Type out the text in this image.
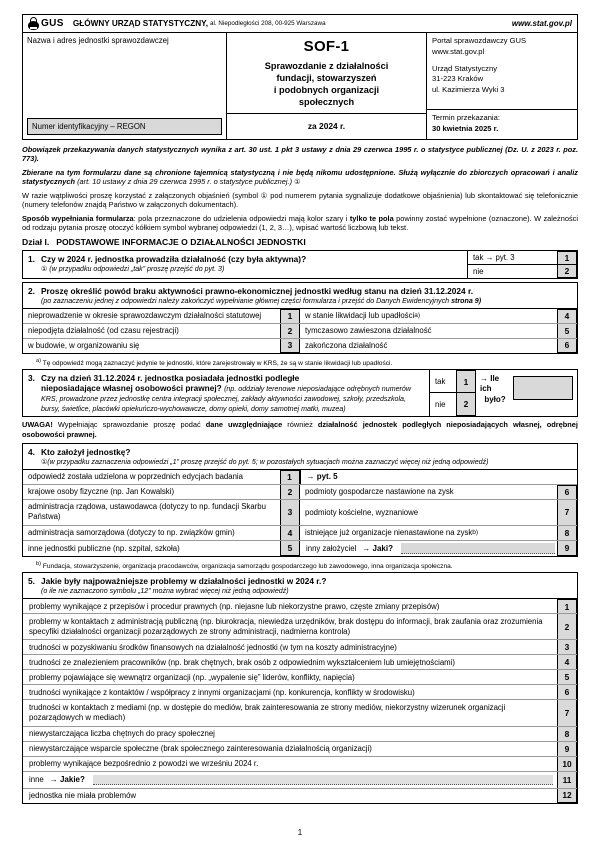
GUS GŁÓWNY URZĄD STATYSTYCZNY, al. Niepodległości 208, 00-925 Warszawa	www.stat.gov.pl
Nazwa i adres jednostki sprawozdawczej
Numer identyfikacyjny – REGON
SOF-1
Sprawozdanie z działalności
fundacji, stowarzyszeń
i podobnych organizacji
społecznych
za 2024 r.
Portal sprawozdawczy GUS
www.stat.gov.pl
Urząd Statystyczny
31-223 Kraków
ul. Kazimierza Wyki 3
Termin przekazania:
30 kwietnia 2025 r.

Obowiązek przekazywania danych statystycznych wynika z art. 30 ust. 1 pkt 3 ustawy z dnia 29 czerwca 1995 r. o statystyce publicznej (Dz. U. z 2023 r. poz. 773).

Zbierane na tym formularzu dane są chronione tajemnicą statystyczną i nie będą nikomu udostępnione. Służą wyłącznie do zbiorczych opracowań i analiz statystycznych (art. 10 ustawy z dnia 29 czerwca 1995 r. o statystyce publicznej.) ①

W razie wątpliwości proszę korzystać z załączonych objaśnień (symbol ① pod numerem pytania sygnalizuje dodatkowe objaśnienia) lub skontaktować się telefonicznie (numery telefonów znajdą Państwo w załączonych dokumentach).

Sposób wypełniania formularza: pola przeznaczone do udzielenia odpowiedzi mają kolor szary i tylko te pola powinny zostać wypełnione (oznaczone). W zależności od rodzaju pytania proszę otoczyć kółkiem symbol wybranej odpowiedzi (1, 2, 3…), wpisać wartość liczbową lub tekst.

Dział I. PODSTAWOWE INFORMACJE O DZIAŁALNOŚCI JEDNOSTKI
1. Czy w 2024 r. jednostka prowadziła działalność (czy była aktywna)?
① (w przypadku odpowiedzi „tak” proszę przejść do pyt. 3)
tak → pyt. 3	1
nie	2
2. Proszę określić powód braku aktywności prawno-ekonomicznej jednostki według stanu na dzień 31.12.2024 r.
(po zaznaczeniu jednej z odpowiedzi należy zakończyć wypełnianie głównej części formularza i przejść do Danych Ewidencyjnych strona 9)
nieprowadzenie w okresie sprawozdawczym działalności statutowej	1	w stanie likwidacji lub upadłości a)	4
niepodjęta działalność (od czasu rejestracji)	2	tymczasowo zawieszona działalność	5
w budowie, w organizowaniu się	3	zakończona działalność	6
$^{a)}$ Tę odpowiedź mogą zaznaczyć jedynie te jednostki, które zarejestrowały w KRS, że są w stanie likwidacji lub upadłości.
3. Czy na dzień 31.12.2024 r. jednostka posiadała jednostki podległe
nieposiadające własnej osobowości prawnej? (np. oddziały terenowe nieposiadające odrębnych numerów KRS, prowadzone przez jednostkę centra integracji społecznej, zakłady aktywności zawodowej, szkoły, przedszkola, bursy, świetlice, placówki opiekuńczo-wychowawcze, domy opieki, domy samotnej matki, muzea)
tak	1
nie	2
→ Ile ich
było?
UWAGA! Wypełniając sprawozdanie proszę podać dane uwzględniające również działalność jednostek podległych nieposiadających własnej, odrębnej osobowości prawnej.
4. Kto założył jednostkę?
①(w przypadku zaznaczenia odpowiedzi „1” proszę przejść do pyt. 5; w pozostałych sytuacjach można zaznaczyć więcej niż jedną odpowiedź)
odpowiedź została udzielona w poprzednich edycjach badania	1	→ pyt. 5
krajowe osoby fizyczne (np. Jan Kowalski)	2	podmioty gospodarcze nastawione na zysk	6
administracja rządowa, ustawodawca (dotyczy to np. fundacji Skarbu Państwa)	3	podmioty kościelne, wyznaniowe	7
administracja samorządowa (dotyczy to np. związków gmin)	4	istniejące już organizacje nienastawione na zysk b)	8
inne jednostki publiczne (np. szpital, szkoła)	5	inny założyciel → Jaki?	9
$^{b)}$ Fundacja, stowarzyszenie, organizacja pracodawców, organizacja samorządu gospodarczego lub zawodowego, inna organizacja społeczna.
5. Jakie były najpoważniejsze problemy w działalności jednostki w 2024 r.?
(o ile nie zaznaczono symbolu „12” można wybrać więcej niż jedną odpowiedź)
problemy wynikające z przepisów i procedur prawnych (np. niejasne lub niekorzystne prawo, częste zmiany przepisów)	1
problemy w kontaktach z administracją publiczną (np. biurokracja, niewiedza urzędników, brak dostępu do informacji, brak zaufania oraz zrozumienia specyfiki działalności organizacji pozarządowych ze strony administracji, nadmierna kontrola)	2
trudności w pozyskiwaniu środków finansowych na działalność jednostki (w tym na koszty administracyjne)	3
trudności ze znalezieniem pracowników (np. brak chętnych, brak osób z odpowiednim wykształceniem lub umiejętnościami)	4
problemy pojawiające się wewnątrz organizacji (np. „wypalenie się” liderów, konflikty, napięcia)	5
trudności wynikające z kontaktów / współpracy z innymi organizacjami (np. konkurencja, konflikty w środowisku)	6
trudności w kontaktach z mediami (np. w dostępie do mediów, brak zainteresowania ze strony mediów, niekorzystny wizerunek organizacji pozarządowych w mediach)	7
niewystarczająca liczba chętnych do pracy społecznej	8
niewystarczające wsparcie społeczne (brak społecznego zainteresowania działalnością organizacji)	9
problemy wynikające bezpośrednio z powodzi we wrześniu 2024 r.	10
inne → Jakie?	11
jednostka nie miała problemów	12
1
